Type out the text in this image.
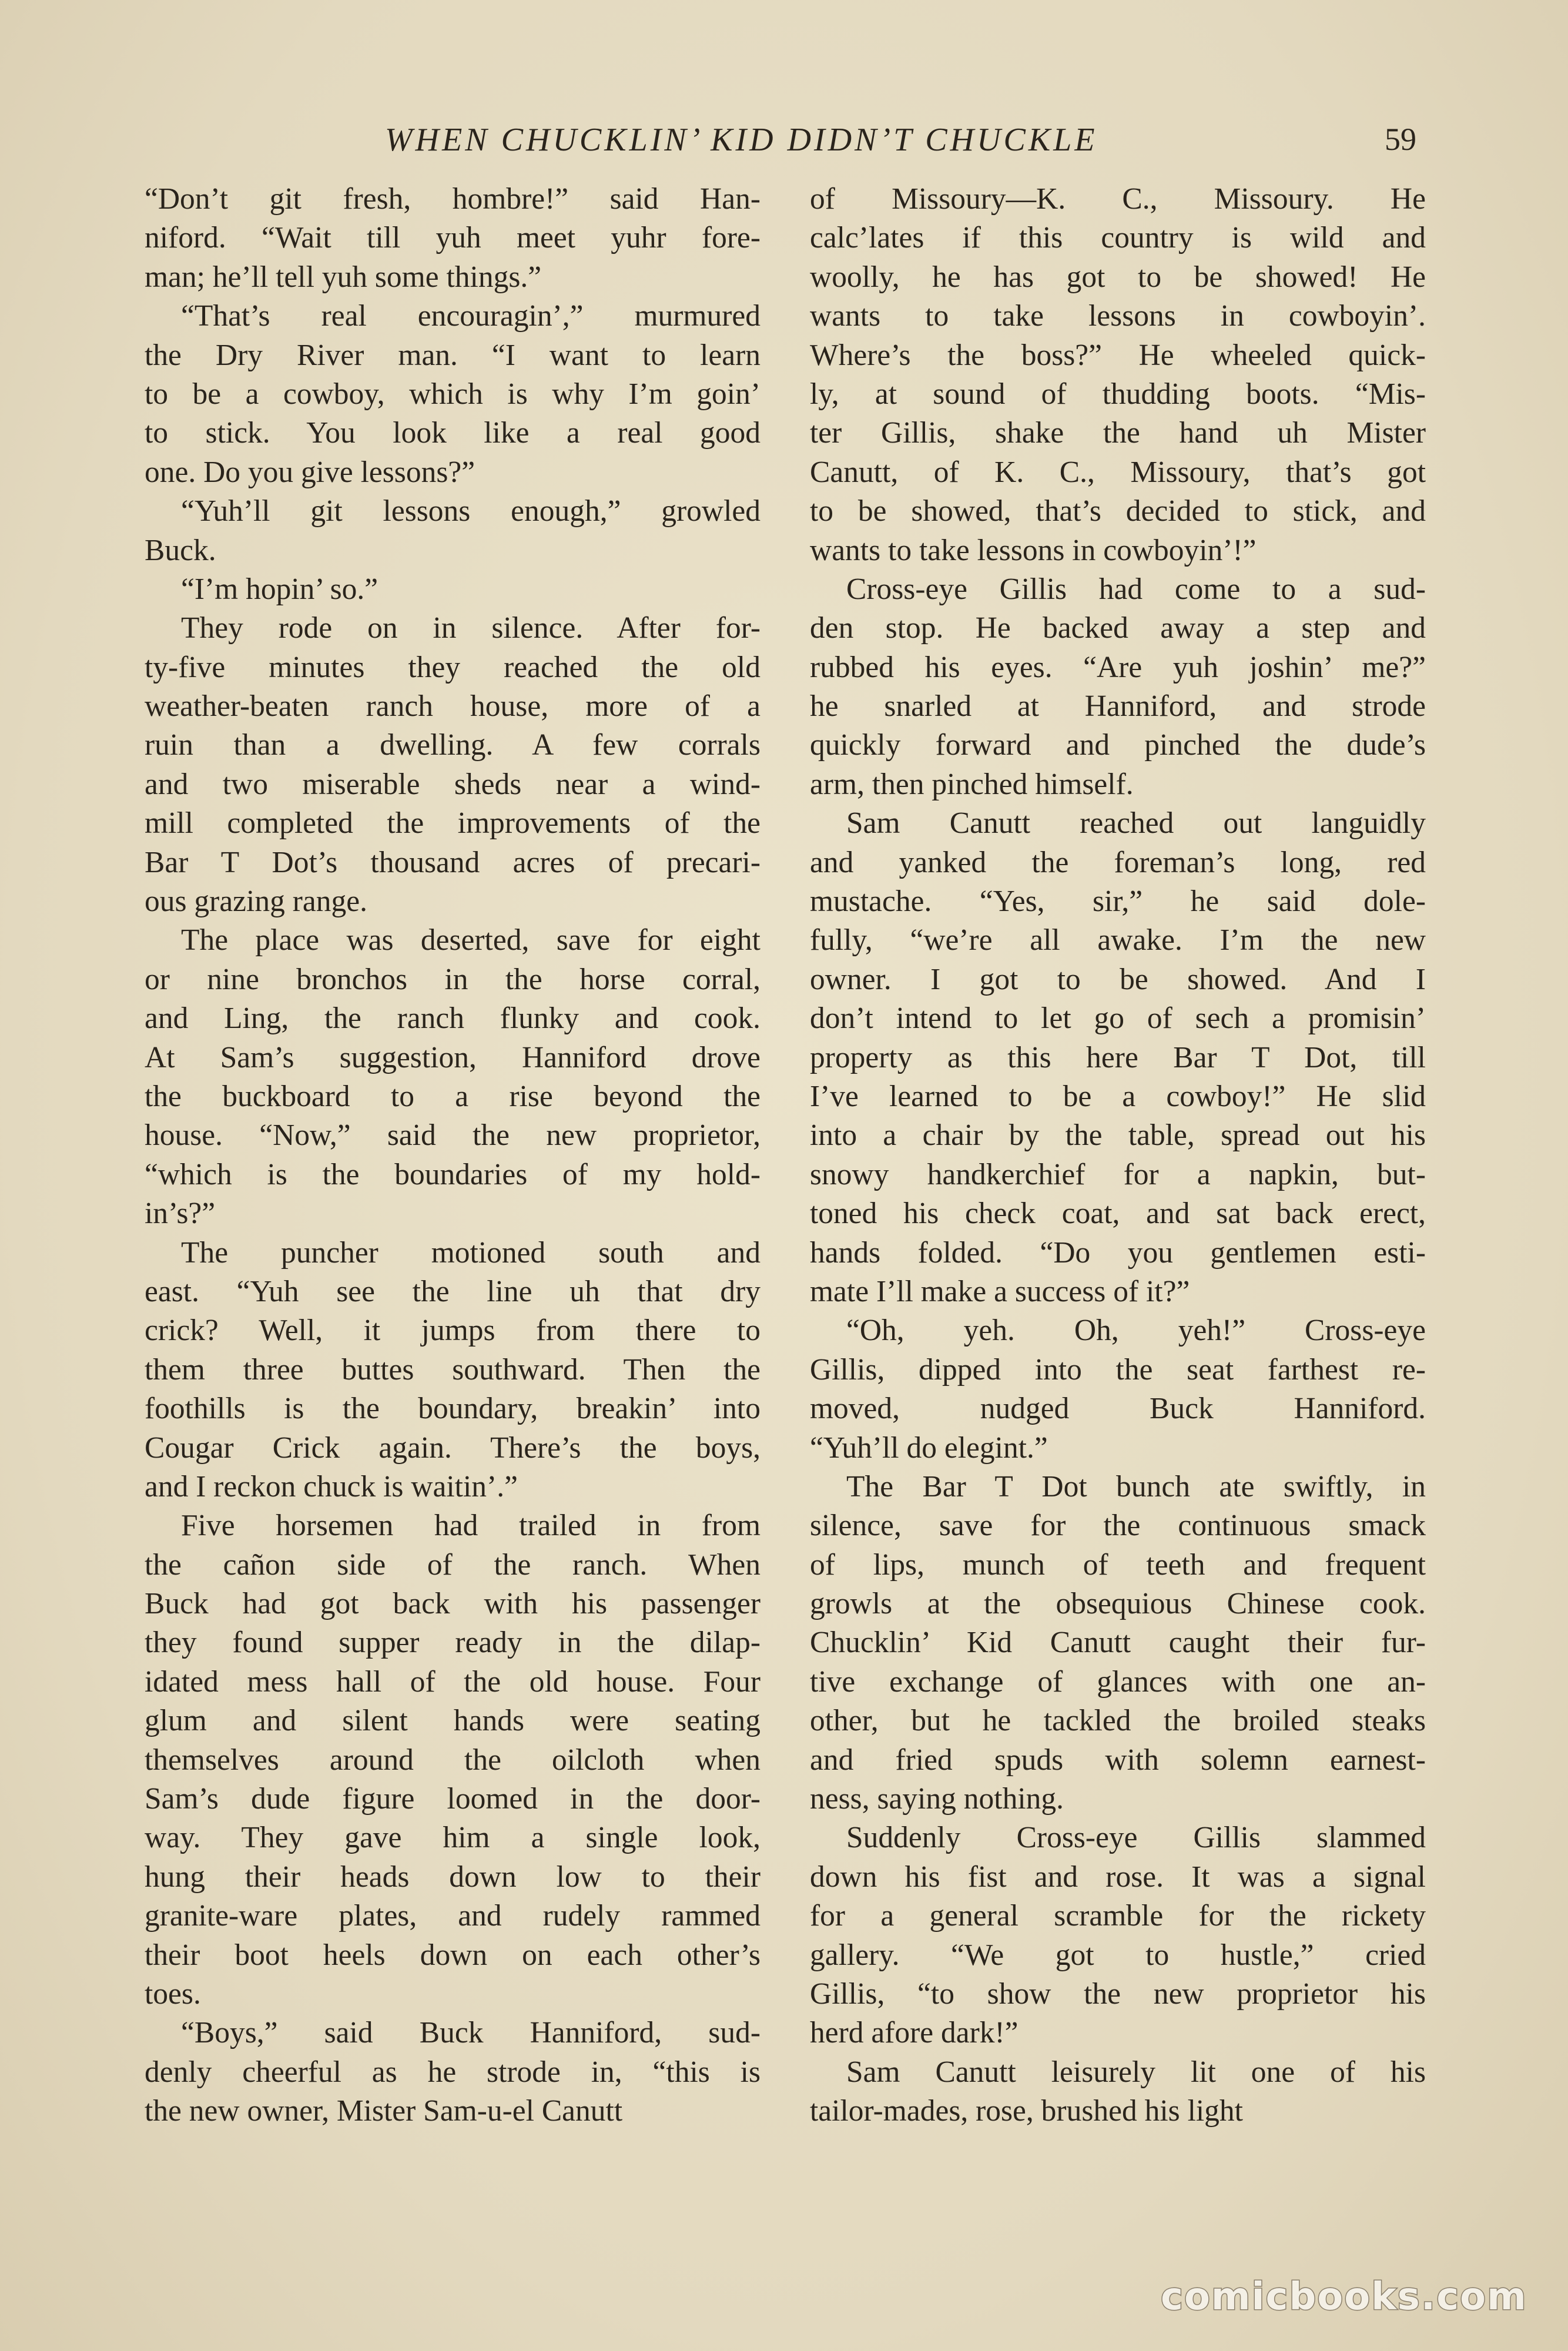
WHEN CHUCKLIN’ KID DIDN’T CHUCKLE	59
“Don’t git fresh, hombre!” said Han-
niford. “Wait till yuh meet yuhr fore-
man; he’ll tell yuh some things.”
“That’s real encouragin’,” murmured
the Dry River man. “I want to learn
to be a cowboy, which is why I’m goin’
to stick. You look like a real good
one. Do you give lessons?”
“Yuh’ll git lessons enough,” growled
Buck.
“I’m hopin’ so.”
They rode on in silence. After for-
ty-five minutes they reached the old
weather-beaten ranch house, more of a
ruin than a dwelling. A few corrals
and two miserable sheds near a wind-
mill completed the improvements of the
Bar T Dot’s thousand acres of precari-
ous grazing range.
The place was deserted, save for eight
or nine bronchos in the horse corral,
and Ling, the ranch flunky and cook.
At Sam’s suggestion, Hanniford drove
the buckboard to a rise beyond the
house. “Now,” said the new proprietor,
“which is the boundaries of my hold-
in’s?”
The puncher motioned south and
east. “Yuh see the line uh that dry
crick? Well, it jumps from there to
them three buttes southward. Then the
foothills is the boundary, breakin’ into
Cougar Crick again. There’s the boys,
and I reckon chuck is waitin’.”
Five horsemen had trailed in from
the cañon side of the ranch. When
Buck had got back with his passenger
they found supper ready in the dilap-
idated mess hall of the old house. Four
glum and silent hands were seating
themselves around the oilcloth when
Sam’s dude figure loomed in the door-
way. They gave him a single look,
hung their heads down low to their
granite-ware plates, and rudely rammed
their boot heels down on each other’s
toes.
“Boys,” said Buck Hanniford, sud-
denly cheerful as he strode in, “this is
the new owner, Mister Sam-u-el Canutt
of Missoury—K. C., Missoury. He
calc’lates if this country is wild and
woolly, he has got to be showed! He
wants to take lessons in cowboyin’.
Where’s the boss?” He wheeled quick-
ly, at sound of thudding boots. “Mis-
ter Gillis, shake the hand uh Mister
Canutt, of K. C., Missoury, that’s got
to be showed, that’s decided to stick, and
wants to take lessons in cowboyin’!”
Cross-eye Gillis had come to a sud-
den stop. He backed away a step and
rubbed his eyes. “Are yuh joshin’ me?”
he snarled at Hanniford, and strode
quickly forward and pinched the dude’s
arm, then pinched himself.
Sam Canutt reached out languidly
and yanked the foreman’s long, red
mustache. “Yes, sir,” he said dole-
fully, “we’re all awake. I’m the new
owner. I got to be showed. And I
don’t intend to let go of sech a promisin’
property as this here Bar T Dot, till
I’ve learned to be a cowboy!” He slid
into a chair by the table, spread out his
snowy handkerchief for a napkin, but-
toned his check coat, and sat back erect,
hands folded. “Do you gentlemen esti-
mate I’ll make a success of it?”
“Oh, yeh. Oh, yeh!” Cross-eye
Gillis, dipped into the seat farthest re-
moved, nudged Buck Hanniford.
“Yuh’ll do elegint.”
The Bar T Dot bunch ate swiftly, in
silence, save for the continuous smack
of lips, munch of teeth and frequent
growls at the obsequious Chinese cook.
Chucklin’ Kid Canutt caught their fur-
tive exchange of glances with one an-
other, but he tackled the broiled steaks
and fried spuds with solemn earnest-
ness, saying nothing.
Suddenly Cross-eye Gillis slammed
down his fist and rose. It was a signal
for a general scramble for the rickety
gallery. “We got to hustle,” cried
Gillis, “to show the new proprietor his
herd afore dark!”
Sam Canutt leisurely lit one of his
tailor-mades, rose, brushed his light
comicbooks.com
